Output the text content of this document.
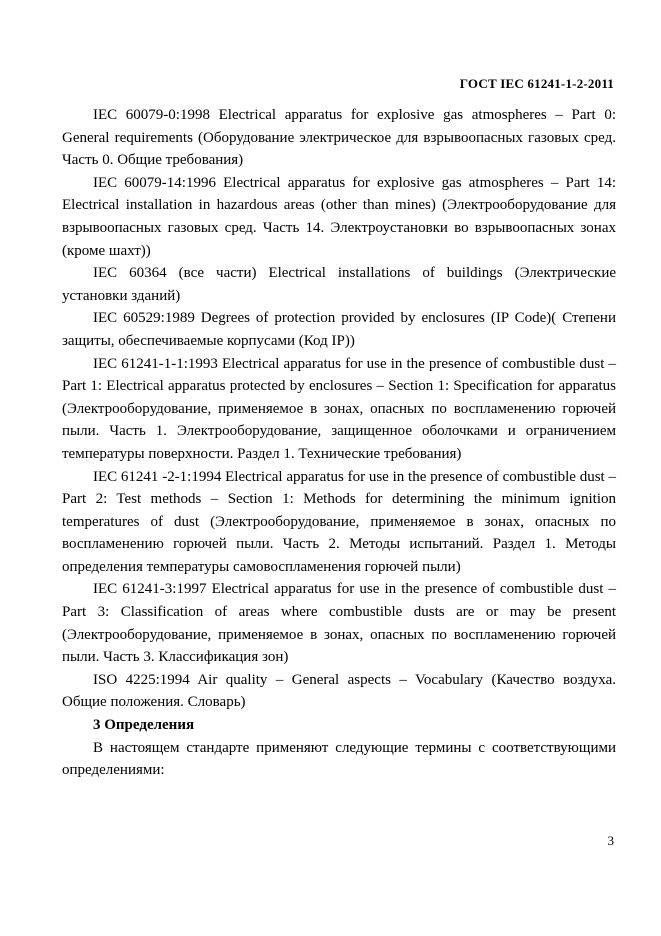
ГОСТ IEC 61241-1-2-2011

IEC 60079-0:1998 Electrical apparatus for explosive gas atmospheres – Part 0: General requirements (Оборудование электрическое для взрывоопасных газовых сред. Часть 0. Общие требования)

IEC 60079-14:1996 Electrical apparatus for explosive gas atmospheres – Part 14: Electrical installation in hazardous areas (other than mines) (Электрооборудование для взрывоопасных газовых сред. Часть 14. Электроустановки во взрывоопасных зонах (кроме шахт))

IEC 60364 (все части) Electrical installations of buildings (Электрические установки зданий)

IEC 60529:1989 Degrees of protection provided by enclosures (IP Code)( Степени защиты, обеспечиваемые корпусами (Код IP))

IEC 61241-1-1:1993 Electrical apparatus for use in the presence of combustible dust – Part 1: Electrical apparatus protected by enclosures – Section 1: Specification for apparatus (Электрооборудование, применяемое в зонах, опасных по воспламенению горючей пыли. Часть 1. Электрооборудование, защищенное оболочками и ограничением температуры поверхности. Раздел 1. Технические требования)

IEC 61241 -2-1:1994 Electrical apparatus for use in the presence of combustible dust – Part 2: Test methods – Section 1: Methods for determining the minimum ignition temperatures of dust (Электрооборудование, применяемое в зонах, опасных по воспламенению горючей пыли. Часть 2. Методы испытаний. Раздел 1. Методы определения температуры самовоспламенения горючей пыли)

IEC 61241-3:1997 Electrical apparatus for use in the presence of combustible dust – Part 3: Classification of areas where combustible dusts are or may be present (Электрооборудование, применяемое в зонах, опасных по воспламенению горючей пыли. Часть 3. Классификация зон)

ISO 4225:1994 Air quality – General aspects – Vocabulary (Качество воздуха. Общие положения. Словарь)

3 Определения

В настоящем стандарте применяют следующие термины с соответствующими определениями:

3
